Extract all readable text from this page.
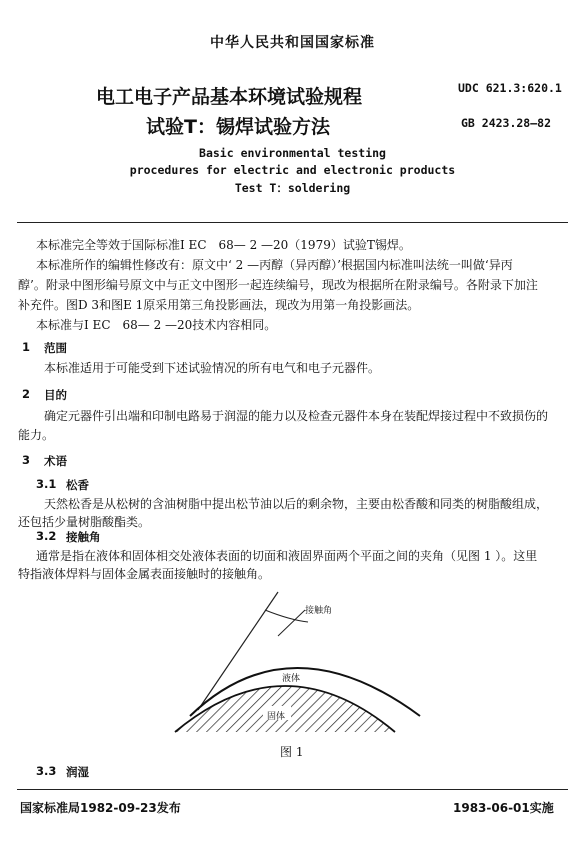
中华人民共和国国家标准
电工电子产品基本环境试验规程
试验T：锡焊试验方法
UDC 621.3:620.1
GB 2423.28—82
Basic environmental testing
procedures for electric and electronic products
Test T：soldering
本标准完全等效于国际标准I EC　68— 2 —20（1979）试验T锡焊。
本标准所作的编辑性修改有：原文中‘ 2 —丙醇（异丙醇）’根据国内标准叫法统一叫做‘异丙
醇’。附录中图形编号原文中与正文中图形一起连续编号，现改为根据所在附录编号。各附录下加注
补充件。图D 3和图E 1原采用第三角投影画法，现改为用第一角投影画法。
本标准与I EC　68— 2 —20技术内容相同。
1 范围
本标准适用于可能受到下述试验情况的所有电气和电子元器件。
2 目的
确定元器件引出端和印制电路易于润湿的能力以及检查元器件本身在装配焊接过程中不致损伤的
能力。
3 术语
3.1 松香
天然松香是从松树的含油树脂中提出松节油以后的剩余物，主要由松香酸和同类的树脂酸组成，
还包括少量树脂酸酯类。
3.2 接触角
通常是指在液体和固体相交处液体表面的切面和液固界面两个平面之间的夹角（见图 1 ）。这里
特指液体焊料与固体金属表面接触时的接触角。
接触角
液体
固体
图 1
3.3 润湿
国家标准局1982-09-23发布	1983-06-01实施
